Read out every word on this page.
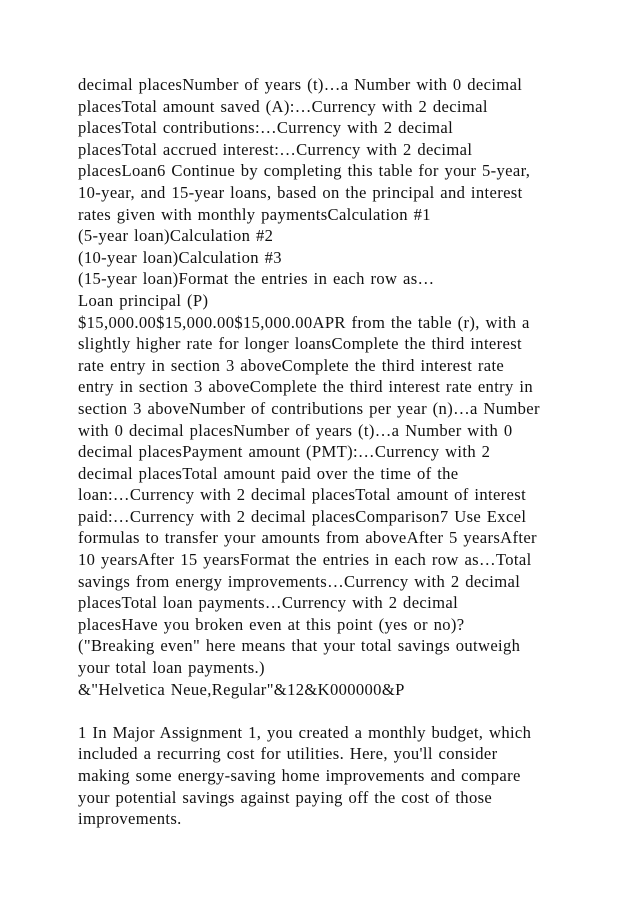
decimal placesNumber of years (t)…a Number with 0 decimal
placesTotal amount saved (A):…Currency with 2 decimal
placesTotal contributions:…Currency with 2 decimal
placesTotal accrued interest:…Currency with 2 decimal
placesLoan6 Continue by completing this table for your 5-year,
10-year, and 15-year loans, based on the principal and interest
rates given with monthly paymentsCalculation #1
(5-year loan)Calculation #2
(10-year loan)Calculation #3
(15-year loan)Format the entries in each row as…
Loan principal (P)
$15,000.00$15,000.00$15,000.00APR from the table (r), with a
slightly higher rate for longer loansComplete the third interest
rate entry in section 3 aboveComplete the third interest rate
entry in section 3 aboveComplete the third interest rate entry in
section 3 aboveNumber of contributions per year (n)…a Number
with 0 decimal placesNumber of years (t)…a Number with 0
decimal placesPayment amount (PMT):…Currency with 2
decimal placesTotal amount paid over the time of the
loan:…Currency with 2 decimal placesTotal amount of interest
paid:…Currency with 2 decimal placesComparison7 Use Excel
formulas to transfer your amounts from aboveAfter 5 yearsAfter
10 yearsAfter 15 yearsFormat the entries in each row as…Total
savings from energy improvements…Currency with 2 decimal
placesTotal loan payments…Currency with 2 decimal
placesHave you broken even at this point (yes or no)?
("Breaking even" here means that your total savings outweigh
your total loan payments.)
&"Helvetica Neue,Regular"&12&K000000&P
1 In Major Assignment 1, you created a monthly budget, which
included a recurring cost for utilities. Here, you'll consider
making some energy-saving home improvements and compare
your potential savings against paying off the cost of those
improvements.
